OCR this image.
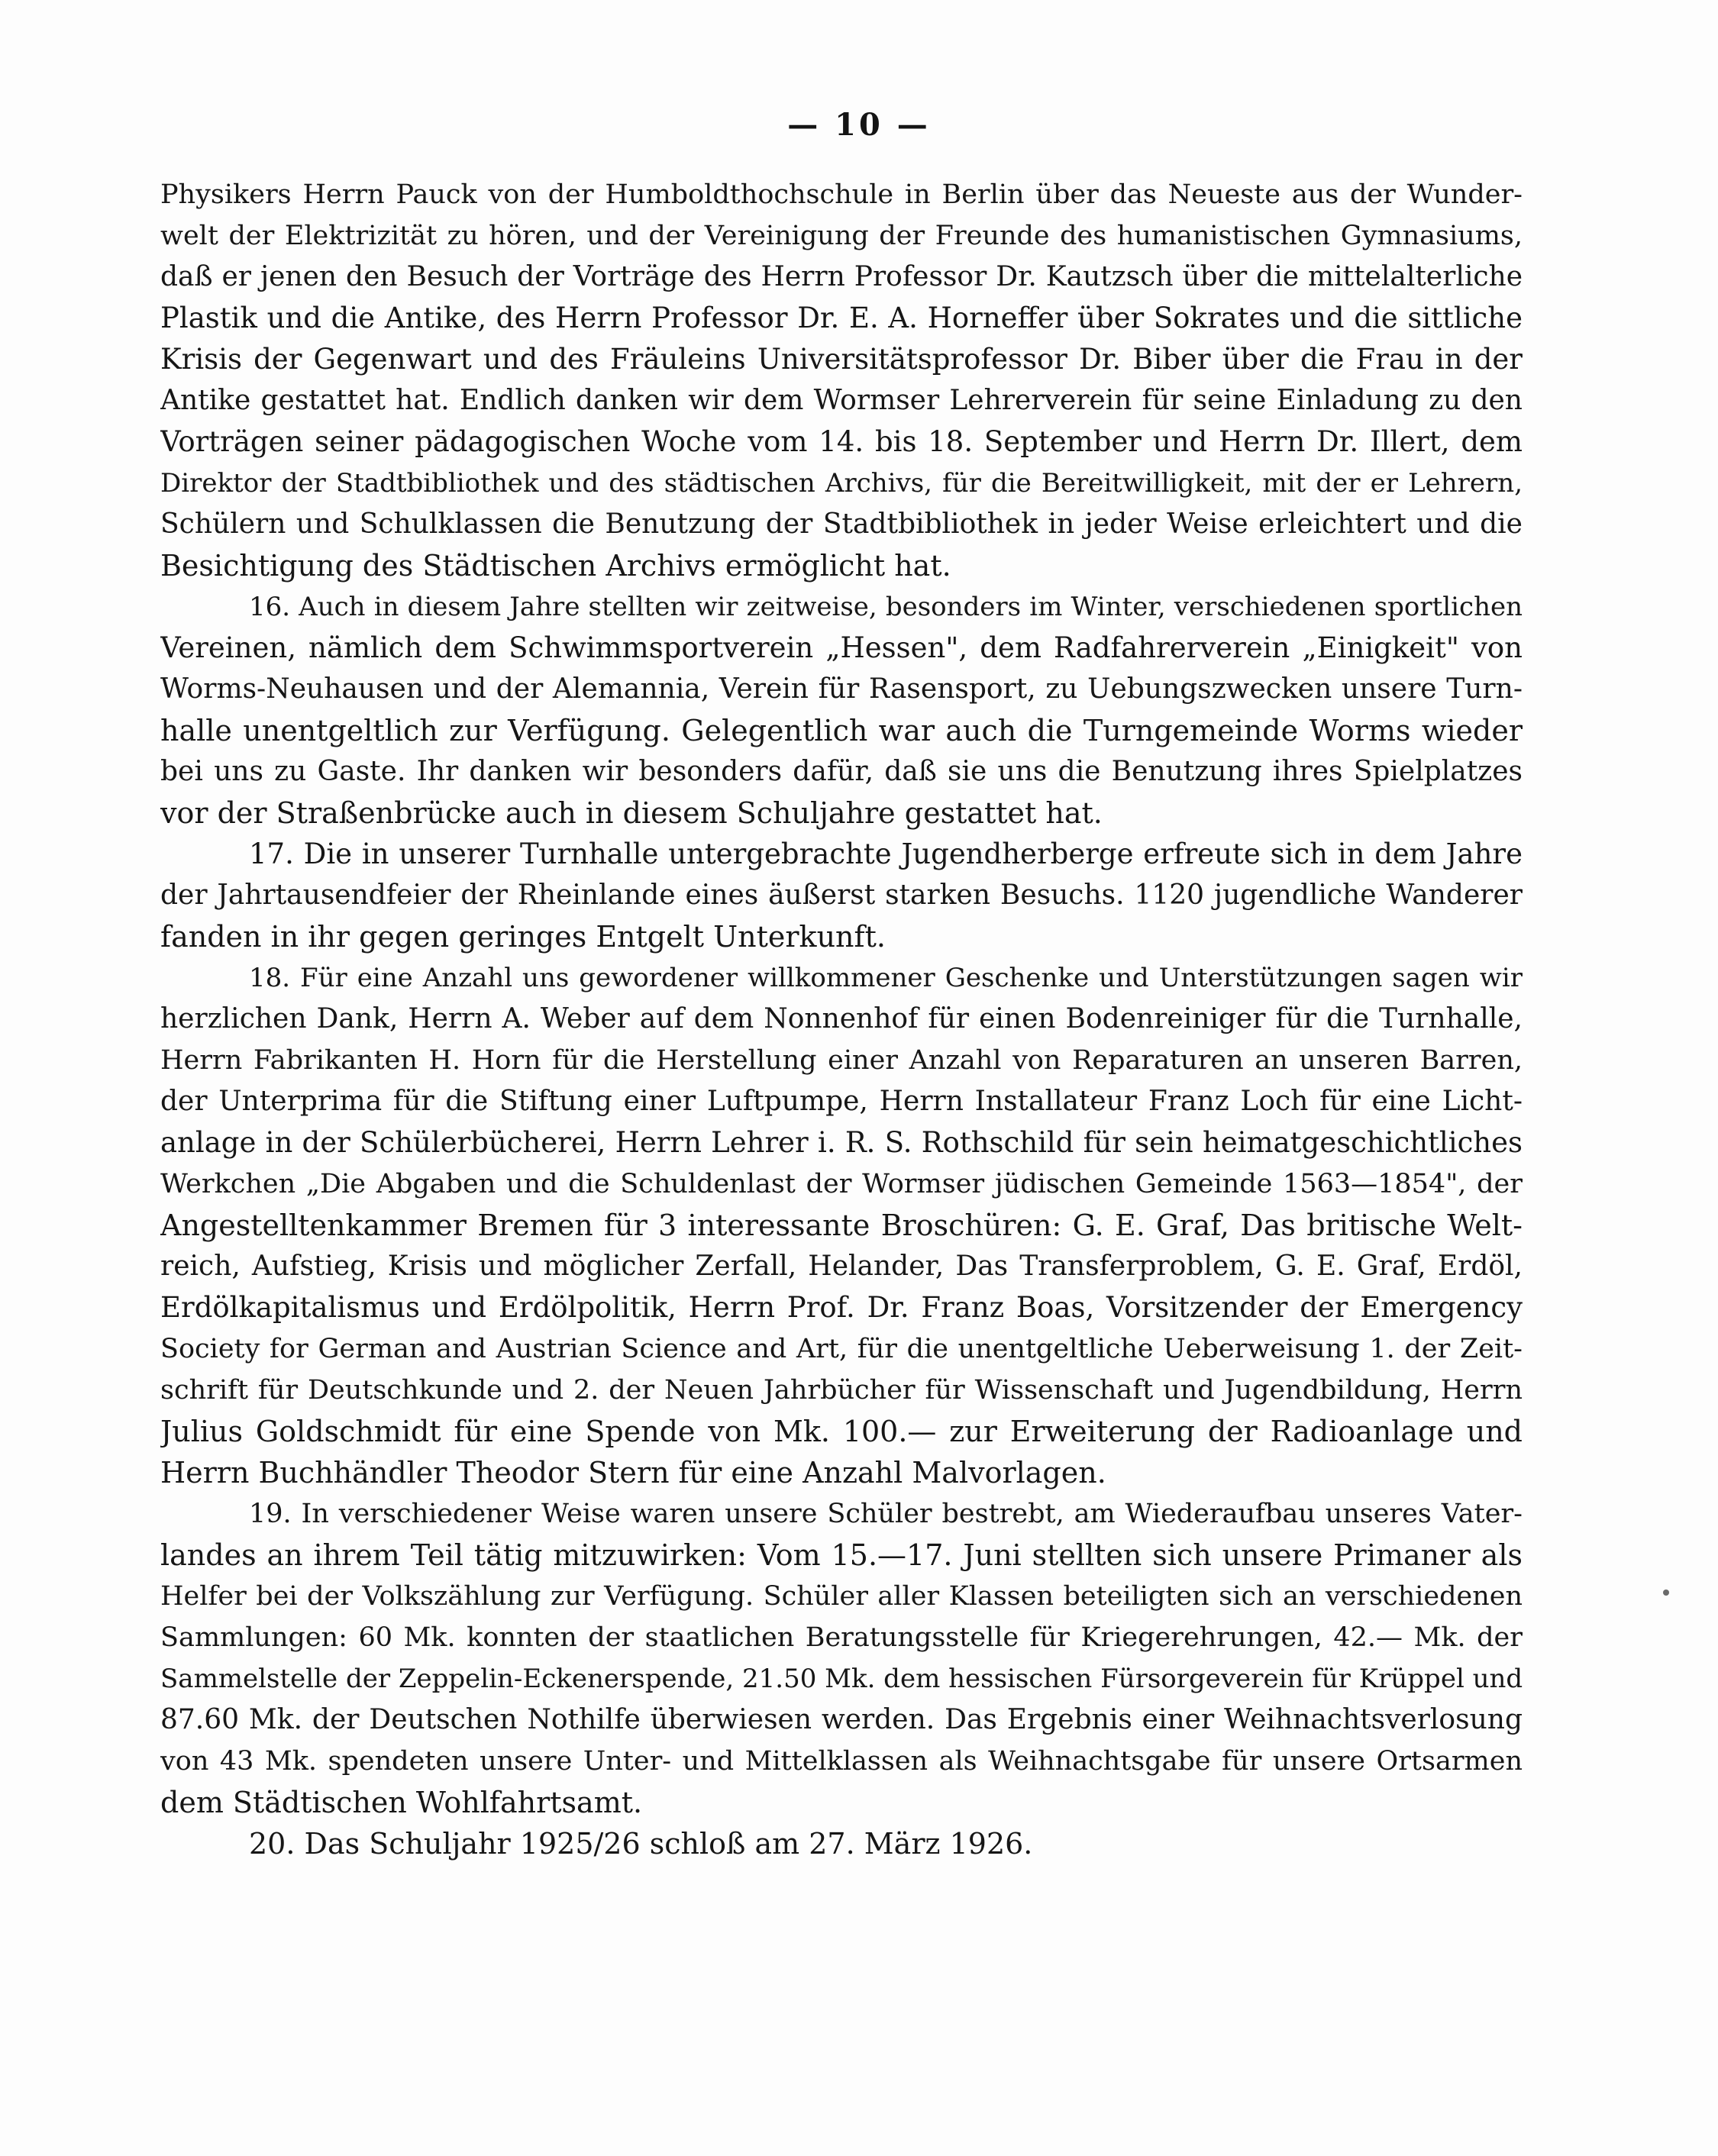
— 10 —
Physikers Herrn Pauck von der Humboldthochschule in Berlin über das Neueste aus der Wunder-
welt der Elektrizität zu hören, und der Vereinigung der Freunde des humanistischen Gymnasiums,
daß er jenen den Besuch der Vorträge des Herrn Professor Dr. Kautzsch über die mittelalterliche
Plastik und die Antike, des Herrn Professor Dr. E. A. Horneffer über Sokrates und die sittliche
Krisis der Gegenwart und des Fräuleins Universitätsprofessor Dr. Biber über die Frau in der
Antike gestattet hat. Endlich danken wir dem Wormser Lehrerverein für seine Einladung zu den
Vorträgen seiner pädagogischen Woche vom 14. bis 18. September und Herrn Dr. Illert, dem
Direktor der Stadtbibliothek und des städtischen Archivs, für die Bereitwilligkeit, mit der er Lehrern,
Schülern und Schulklassen die Benutzung der Stadtbibliothek in jeder Weise erleichtert und die
Besichtigung des Städtischen Archivs ermöglicht hat.
16. Auch in diesem Jahre stellten wir zeitweise, besonders im Winter, verschiedenen sportlichen
Vereinen, nämlich dem Schwimmsportverein „Hessen", dem Radfahrerverein „Einigkeit" von
Worms-Neuhausen und der Alemannia, Verein für Rasensport, zu Uebungszwecken unsere Turn-
halle unentgeltlich zur Verfügung. Gelegentlich war auch die Turngemeinde Worms wieder
bei uns zu Gaste. Ihr danken wir besonders dafür, daß sie uns die Benutzung ihres Spielplatzes
vor der Straßenbrücke auch in diesem Schuljahre gestattet hat.
17. Die in unserer Turnhalle untergebrachte Jugendherberge erfreute sich in dem Jahre
der Jahrtausendfeier der Rheinlande eines äußerst starken Besuchs. 1120 jugendliche Wanderer
fanden in ihr gegen geringes Entgelt Unterkunft.
18. Für eine Anzahl uns gewordener willkommener Geschenke und Unterstützungen sagen wir
herzlichen Dank, Herrn A. Weber auf dem Nonnenhof für einen Bodenreiniger für die Turnhalle,
Herrn Fabrikanten H. Horn für die Herstellung einer Anzahl von Reparaturen an unseren Barren,
der Unterprima für die Stiftung einer Luftpumpe, Herrn Installateur Franz Loch für eine Licht-
anlage in der Schülerbücherei, Herrn Lehrer i. R. S. Rothschild für sein heimatgeschichtliches
Werkchen „Die Abgaben und die Schuldenlast der Wormser jüdischen Gemeinde 1563—1854", der
Angestelltenkammer Bremen für 3 interessante Broschüren: G. E. Graf, Das britische Welt-
reich, Aufstieg, Krisis und möglicher Zerfall, Helander, Das Transferproblem, G. E. Graf, Erdöl,
Erdölkapitalismus und Erdölpolitik, Herrn Prof. Dr. Franz Boas, Vorsitzender der Emergency
Society for German and Austrian Science and Art, für die unentgeltliche Ueberweisung 1. der Zeit-
schrift für Deutschkunde und 2. der Neuen Jahrbücher für Wissenschaft und Jugendbildung, Herrn
Julius Goldschmidt für eine Spende von Mk. 100.— zur Erweiterung der Radioanlage und
Herrn Buchhändler Theodor Stern für eine Anzahl Malvorlagen.
19. In verschiedener Weise waren unsere Schüler bestrebt, am Wiederaufbau unseres Vater-
landes an ihrem Teil tätig mitzuwirken: Vom 15.—17. Juni stellten sich unsere Primaner als
Helfer bei der Volkszählung zur Verfügung. Schüler aller Klassen beteiligten sich an verschiedenen
Sammlungen: 60 Mk. konnten der staatlichen Beratungsstelle für Kriegerehrungen, 42.— Mk. der
Sammelstelle der Zeppelin-Eckenerspende, 21.50 Mk. dem hessischen Fürsorgeverein für Krüppel und
87.60 Mk. der Deutschen Nothilfe überwiesen werden. Das Ergebnis einer Weihnachtsverlosung
von 43 Mk. spendeten unsere Unter- und Mittelklassen als Weihnachtsgabe für unsere Ortsarmen
dem Städtischen Wohlfahrtsamt.
20. Das Schuljahr 1925/26 schloß am 27. März 1926.
